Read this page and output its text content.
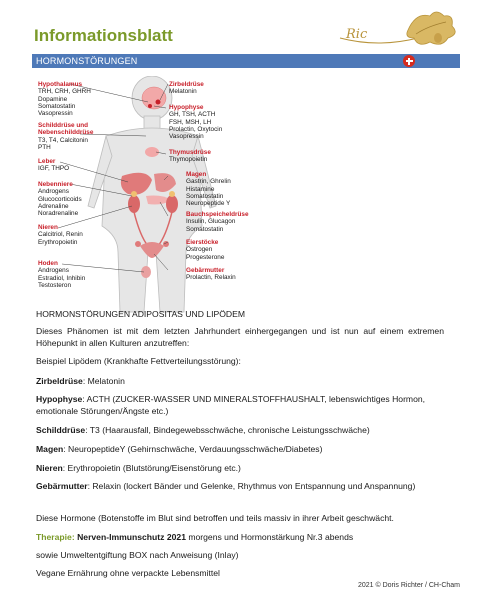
Informationsblatt	Ric
HORMONSTÖRUNGEN
Hypothalamus
TRH, CRH, GHRH
Dopamine
Somatostatin
Vasopressin
Schilddrüse und Nebenschilddrüse
T3, T4, Calcitonin
PTH
Leber
IGF, THPO
Nebenniere
Androgens
Glucocorticoids
Adrenaline
Noradrenaline
Nieren
Calcitriol, Renin
Erythropoietin
Hoden
Androgens
Estradiol, Inhibin
Testosteron
Zirbeldrüse
Melatonin
Hypophyse
GH, TSH, ACTH
FSH, MSH, LH
Prolactin, Oxytocin
Vasopressin
Thymusdrüse
Thymopoietin
Magen
Gastrin, Ghrelin
Histamine
Somatostatin
Neuropeptide Y
Bauchspeicheldrüse
Insulin, Glucagon
Somatostatin
Eierstöcke
Östrogen
Progesterone
Gebärmutter
Prolactin, Relaxin
HORMONSTÖRUNGEN ADIPOSITAS UND LIPÖDEM
Dieses Phänomen ist mit dem letzten Jahrhundert einhergegangen und ist nun auf einem extremen Höhepunkt in allen Kulturen anzutreffen:
Beispiel Lipödem (Krankhafte Fettverteilungsstörung):
Zirbeldrüse: Melatonin
Hypophyse: ACTH (ZUCKER-WASSER UND MINERALSTOFFHAUSHALT, lebenswichtiges Hormon, emotionale Störungen/Ängste etc.)
Schilddrüse: T3 (Haarausfall, Bindegewebsschwäche, chronische Leistungsschwäche)
Magen: NeuropeptideY (Gehirnschwäche, Verdauungsschwäche/Diabetes)
Nieren: Erythropoietin (Blutstörung/Eisenstörung etc.)
Gebärmutter: Relaxin (lockert Bänder und Gelenke, Rhythmus von Entspannung und Anspannung)
Diese Hormone (Botenstoffe im Blut sind betroffen und teils massiv in ihrer Arbeit geschwächt.
Therapie: Nerven-Immunschutz 2021 morgens und Hormonstärkung Nr.3 abends
sowie Umweltentgiftung BOX nach Anweisung (Inlay)
Vegane Ernährung ohne verpackte Lebensmittel
2021 © Doris Richter / CH-Cham
